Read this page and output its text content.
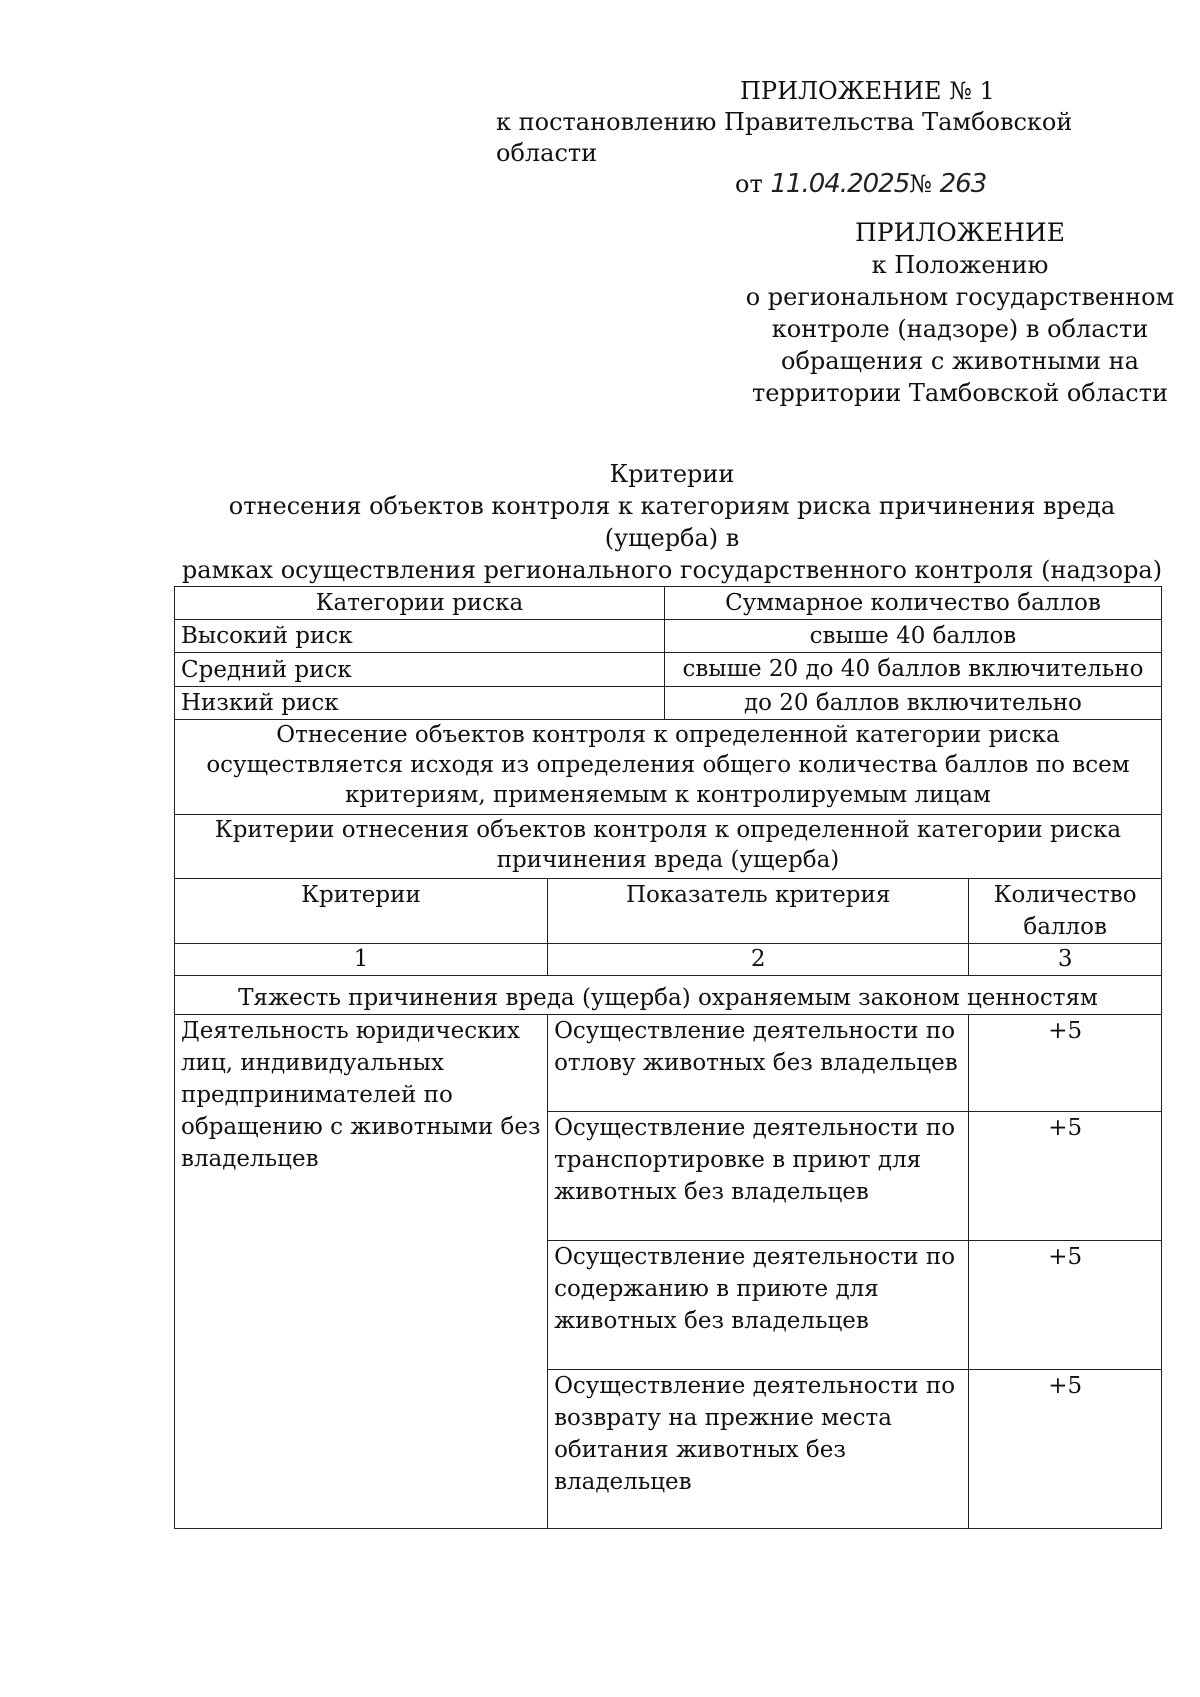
ПРИЛОЖЕНИЕ № 1
к постановлению Правительства Тамбовской области
от 11.04.2025№ 263
ПРИЛОЖЕНИЕ
к Положению
о региональном государственном
контроле (надзоре) в области
обращения с животными на
территории Тамбовской области
Критерии
отнесения объектов контроля к категориям риска причинения вреда (ущерба) в
рамках осуществления регионального государственного контроля (надзора)
Категории риска		Суммарное количество баллов	
Высокий риск		свыше 40 баллов	
Средний риск		свыше 20 до 40 баллов включительно	
Низкий риск		до 20 баллов включительно	
Отнесение объектов контроля к определенной категории риска осуществляется исходя из определения общего количества баллов по всем критериям, применяемым к контролируемым лицам			
Критерии отнесения объектов контроля к определенной категории риска причинения вреда (ущерба)			
Критерии	Показатель критерия		Количество баллов
1	2		3
Тяжесть причинения вреда (ущерба) охраняемым законом ценностям			
Деятельность юридических лиц, индивидуальных предпринимателей по обращению с животными без владельцев	Осуществление деятельности по отлову животных без владельцев		+5
	Осуществление деятельности по транспортировке в приют для животных без владельцев		+5
	Осуществление деятельности по содержанию в приюте для животных без владельцев		+5
	Осуществление деятельности по возврату на прежние места обитания животных без владельцев		+5
